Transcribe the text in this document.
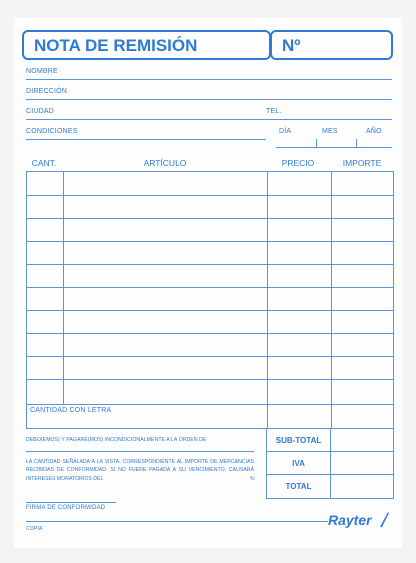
NOTA DE REMISIÓN	Nº
NOMBRE
DIRECCIÓN
CIUDAD	TEL.
CONDICIONES	DÍA	MES	AÑO
CANT.	ARTÍCULO	PRECIO	IMPORTE
CANTIDAD CON LETRA
DEBO(EMOS) Y PAGARÉ(MOS) INCONDICIONALMENTE A LA ORDEN DE
LA CANTIDAD SEÑALADA A LA VISTA, CORRESPONDIENTE AL IMPORTE DE MERCANCIAS RECIBIDAS DE CONFORMIDAD. SI NO FUERE PAGADA A SU VENCIMIENTO, CAUSARÁ INTERESES MORATORIOS DEL	%
SUB-TOTAL
IVA
TOTAL
FIRMA DE CONFORMIDAD
COPIA
Rayter
